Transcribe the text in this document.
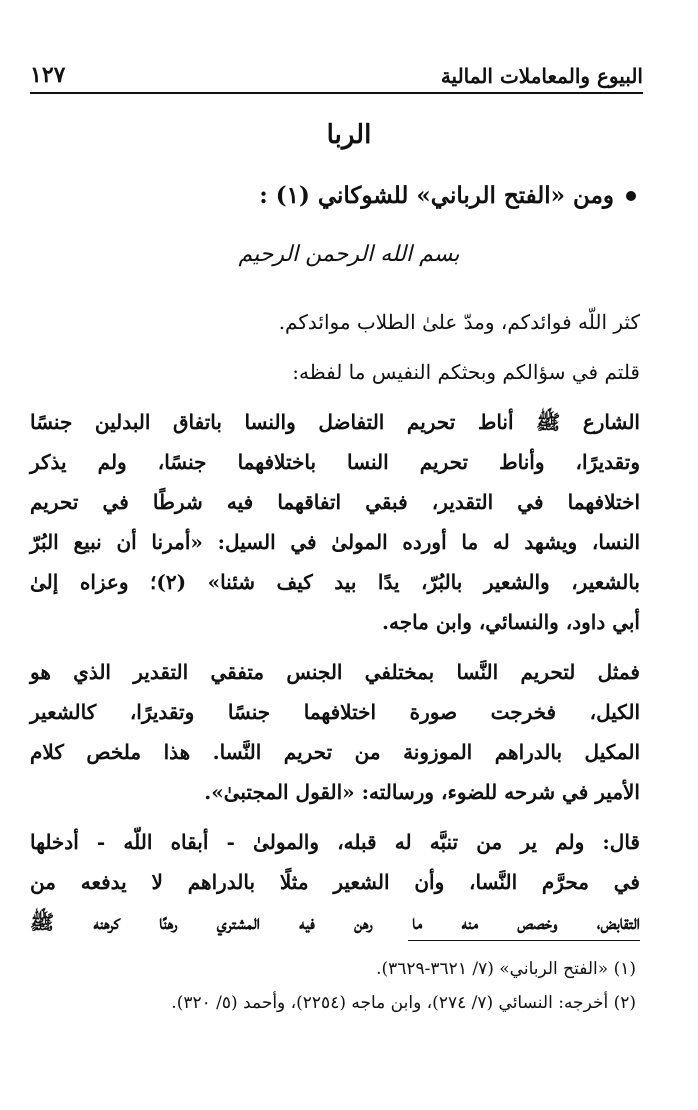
١٢٧	البيوع والمعاملات المالية
الربا
ومن «الفتح الرباني» للشوكاني (١) :
بسم الله الرحمن الرحيم
كثر اللّه فوائدكم، ومدّ علىٰ الطلاب موائدكم.
قلتم في سؤالكم وبحثكم النفيس ما لفظه:
الشارع ﷺ أناط تحريم التفاضل والنسا باتفاق البدلين جنسًا
وتقديرًا، وأناط تحريم النسا باختلافهما جنسًا، ولم يذكر
اختلافهما في التقدير، فبقي اتفاقهما فيه شرطًا في تحريم
النسا، ويشهد له ما أورده المولىٰ في السيل: «أمرنا أن نبيع البُرّ
بالشعير، والشعير بالبُرّ، يدًا بيد كيف شئنا» (٢)؛ وعزاه إلىٰ
أبي داود، والنسائي، وابن ماجه.
فمثل لتحريم النَّسا بمختلفي الجنس متفقي التقدير الذي هو
الكيل، فخرجت صورة اختلافهما جنسًا وتقديرًا، كالشعير
المكيل بالدراهم الموزونة من تحريم النَّسا. هذا ملخص كلام
الأمير في شرحه للضوء، ورسالته: «القول المجتبىٰ».
قال: ولم ير من تنبَّه له قبله، والمولىٰ - أبقاه اللّه - أدخلها
في محرَّم النَّسا، وأن الشعير مثلًا بالدراهم لا يدفعه من
التقابض، وخصص منه ما رهن فيه المشتري رهنًا كرهنه ﷺ
(١) «الفتح الرباني» (٧/ ٣٦٢١-٣٦٢٩).
(٢) أخرجه: النسائي (٧/ ٢٧٤)، وابن ماجه (٢٢٥٤)، وأحمد (٥/ ٣٢٠).
